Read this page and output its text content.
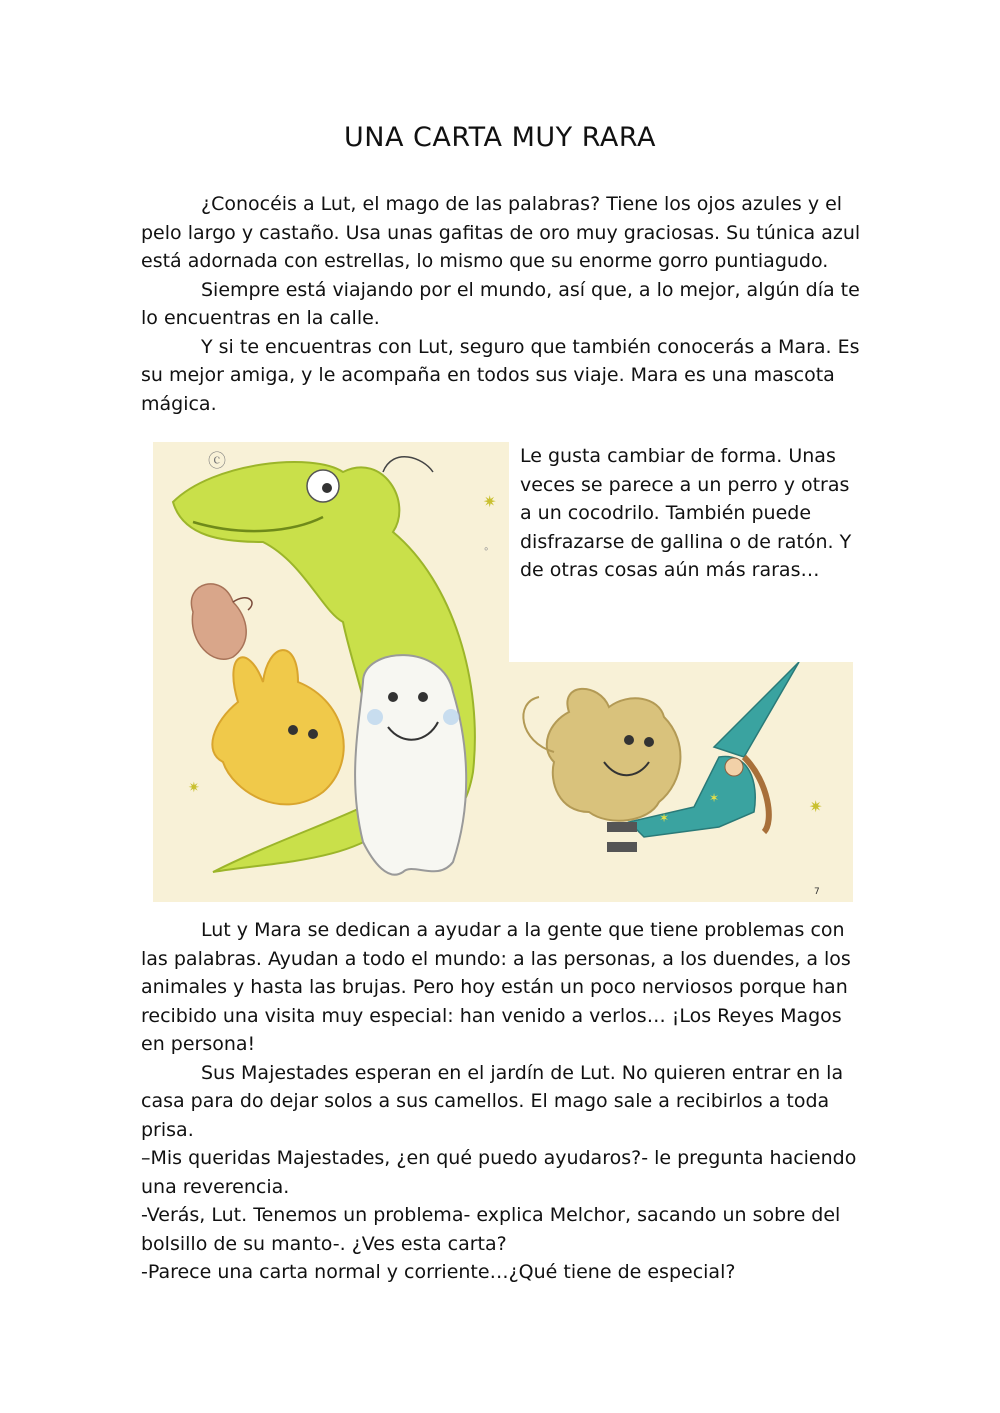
UNA CARTA MUY RARA

¿Conocéis a Lut, el mago de las palabras? Tiene los ojos azules y el pelo largo y castaño. Usa unas gafitas de oro muy graciosas. Su túnica azul está adornada con estrellas, lo mismo que su enorme gorro puntiagudo.

Siempre está viajando por el mundo, así que, a lo mejor, algún día te lo encuentras en la calle.

Y si te encuentras con Lut, seguro que también conocerás a Mara. Es su mejor amiga, y le acompaña en todos sus viaje. Mara es una mascota mágica.

✷
✷
∘
ⓒ	Le gusta cambiar de forma. Unas veces se parece a un perro y otras a un cocodrilo. También puede disfrazarse de gallina o de ratón. Y de otras cosas aún más raras…

✶
✶	✷
7

Lut y Mara se dedican a ayudar a la gente que tiene problemas con las palabras. Ayudan a todo el mundo: a las personas, a los duendes, a los animales y hasta las brujas. Pero hoy están un poco nerviosos porque han recibido una visita muy especial: han venido a verlos… ¡Los Reyes Magos en persona!

Sus Majestades esperan en el jardín de Lut. No quieren entrar en la casa para do dejar solos a sus camellos. El mago sale a recibirlos a toda prisa.

–Mis queridas Majestades, ¿en qué puedo ayudaros?- le pregunta haciendo una reverencia.

-Verás, Lut. Tenemos un problema- explica Melchor, sacando un sobre del bolsillo de su manto-. ¿Ves esta carta?

-Parece una carta normal y corriente…¿Qué tiene de especial?
